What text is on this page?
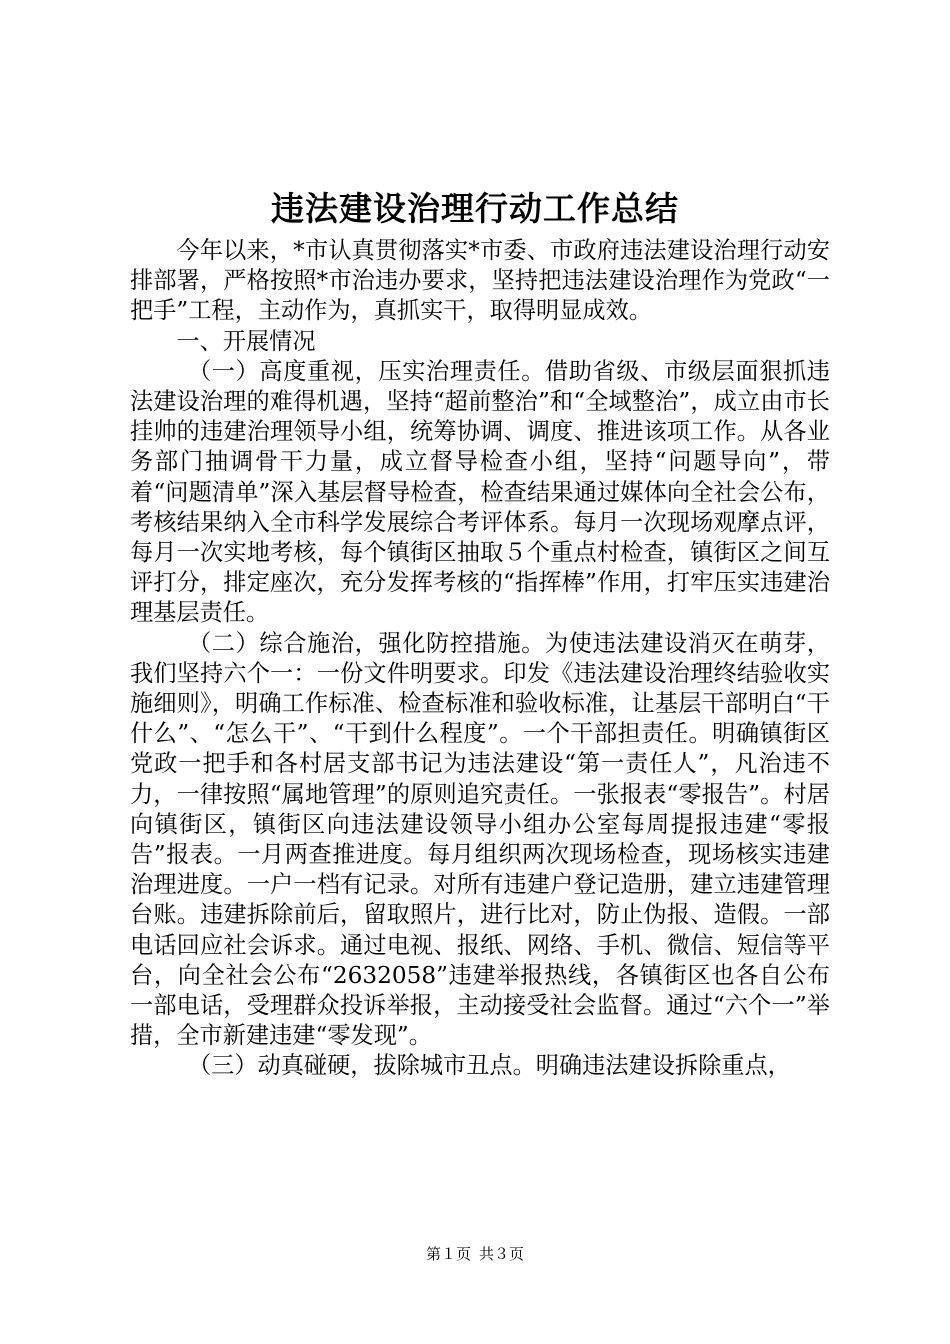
违法建设治理行动工作总结

今年以来，*市认真贯彻落实*市委、市政府违法建设治理行动安排部署，严格按照*市治违办要求，坚持把违法建设治理作为党政“一把手”工程，主动作为，真抓实干，取得明显成效。

一、开展情况

（一）高度重视，压实治理责任。借助省级、市级层面狠抓违法建设治理的难得机遇，坚持“超前整治”和“全域整治”，成立由市长挂帅的违建治理领导小组，统筹协调、调度、推进该项工作。从各业务部门抽调骨干力量，成立督导检查小组，坚持“问题导向”，带着“问题清单”深入基层督导检查，检查结果通过媒体向全社会公布，考核结果纳入全市科学发展综合考评体系。每月一次现场观摩点评，每月一次实地考核，每个镇街区抽取５个重点村检查，镇街区之间互评打分，排定座次，充分发挥考核的“指挥棒”作用，打牢压实违建治理基层责任。

（二）综合施治，强化防控措施。为使违法建设消灭在萌芽，我们坚持六个一：一份文件明要求。印发《违法建设治理终结验收实施细则》，明确工作标准、检查标准和验收标准，让基层干部明白“干什么”、“怎么干”、“干到什么程度”。一个干部担责任。明确镇街区党政一把手和各村居支部书记为违法建设“第一责任人”，凡治违不力，一律按照“属地管理”的原则追究责任。一张报表“零报告”。村居向镇街区，镇街区向违法建设领导小组办公室每周提报违建“零报告”报表。一月两查推进度。每月组织两次现场检查，现场核实违建治理进度。一户一档有记录。对所有违建户登记造册，建立违建管理台账。违建拆除前后，留取照片，进行比对，防止伪报、造假。一部电话回应社会诉求。通过电视、报纸、网络、手机、微信、短信等平台，向全社会公布“2632058”违建举报热线，各镇街区也各自公布一部电话，受理群众投诉举报，主动接受社会监督。通过“六个一”举措，全市新建违建“零发现”。

（三）动真碰硬，拔除城市丑点。明确违法建设拆除重点，

第１页 共３页
